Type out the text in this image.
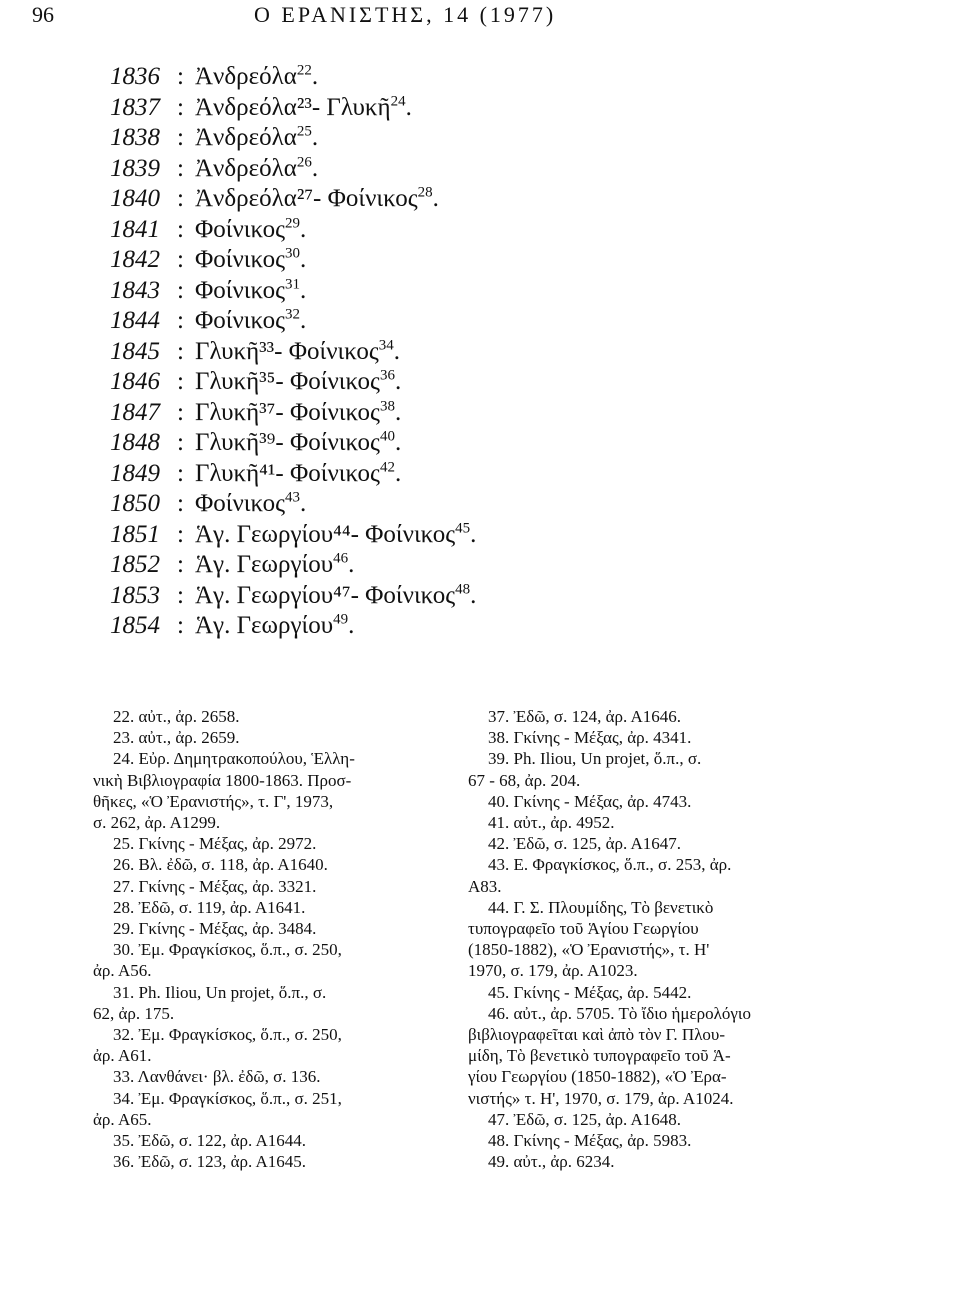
96	Ο ΕΡΑΝΙΣΤΗΣ, 14 (1977)
1836 : Ἀνδρεόλα$^{22}$.
1837 : Ἀνδρεόλα²³- Γλυκῆ$^{24}$.
1838 : Ἀνδρεόλα$^{25}$.
1839 : Ἀνδρεόλα$^{26}$.
1840 : Ἀνδρεόλα²⁷- Φοίνικος$^{28}$.
1841 : Φοίνικος$^{29}$.
1842 : Φοίνικος$^{30}$.
1843 : Φοίνικος$^{31}$.
1844 : Φοίνικος$^{32}$.
1845 : Γλυκῆ³³- Φοίνικος$^{34}$.
1846 : Γλυκῆ³⁵- Φοίνικος$^{36}$.
1847 : Γλυκῆ³⁷- Φοίνικος$^{38}$.
1848 : Γλυκῆ³⁹- Φοίνικος$^{40}$.
1849 : Γλυκῆ⁴¹- Φοίνικος$^{42}$.
1850 : Φοίνικος$^{43}$.
1851 : Ἁγ. Γεωργίου⁴⁴- Φοίνικος$^{45}$.
1852 : Ἁγ. Γεωργίου$^{46}$.
1853 : Ἁγ. Γεωργίου⁴⁷- Φοίνικος$^{48}$.
1854 : Ἁγ. Γεωργίου$^{49}$.
22. αὐτ., ἀρ. 2658.
23. αὐτ., ἀρ. 2659.
24. Εὐρ. Δημητρακοπούλου, Ἑλλη-
νικὴ Βιβλιογραφία 1800-1863. Προσ-
θῆκες, «Ὁ Ἐρανιστής», τ. Γ', 1973,
σ. 262, ἀρ. Α1299.
25. Γκίνης - Μέξας, ἀρ. 2972.
26. Βλ. ἐδῶ, σ. 118, ἀρ. Α1640.
27. Γκίνης - Μέξας, ἀρ. 3321.
28. Ἐδῶ, σ. 119, ἀρ. Α1641.
29. Γκίνης - Μέξας, ἀρ. 3484.
30. Ἐμ. Φραγκίσκος, ὅ.π., σ. 250,
ἀρ. Α56.
31. Ph. Iliou, Un projet, ὅ.π., σ.
62, ἀρ. 175.
32. Ἐμ. Φραγκίσκος, ὅ.π., σ. 250,
ἀρ. Α61.
33. Λανθάνει· βλ. ἐδῶ, σ. 136.
34. Ἐμ. Φραγκίσκος, ὅ.π., σ. 251,
ἀρ. Α65.
35. Ἐδῶ, σ. 122, ἀρ. Α1644.
36. Ἐδῶ, σ. 123, ἀρ. Α1645.
37. Ἐδῶ, σ. 124, ἀρ. Α1646.
38. Γκίνης - Μέξας, ἀρ. 4341.
39. Ph. Iliou, Un projet, ὅ.π., σ.
67 - 68, ἀρ. 204.
40. Γκίνης - Μέξας, ἀρ. 4743.
41. αὐτ., ἀρ. 4952.
42. Ἐδῶ, σ. 125, ἀρ. Α1647.
43. Ε. Φραγκίσκος, ὅ.π., σ. 253, ἀρ.
Α83.
44. Γ. Σ. Πλουμίδης, Τὸ βενετικὸ
τυπογραφεῖο τοῦ Ἁγίου Γεωργίου
(1850-1882), «Ὁ Ἐρανιστής», τ. Η'
1970, σ. 179, ἀρ. Α1023.
45. Γκίνης - Μέξας, ἀρ. 5442.
46. αὐτ., ἀρ. 5705. Τὸ ἴδιο ἡμερολόγιο
βιβλιογραφεῖται καὶ ἀπὸ τὸν Γ. Πλου-
μίδη, Τὸ βενετικὸ τυπογραφεῖο τοῦ Ἁ-
γίου Γεωργίου (1850-1882), «Ὁ Ἐρα-
νιστής» τ. Η', 1970, σ. 179, ἀρ. Α1024.
47. Ἐδῶ, σ. 125, ἀρ. Α1648.
48. Γκίνης - Μέξας, ἀρ. 5983.
49. αὐτ., ἀρ. 6234.
